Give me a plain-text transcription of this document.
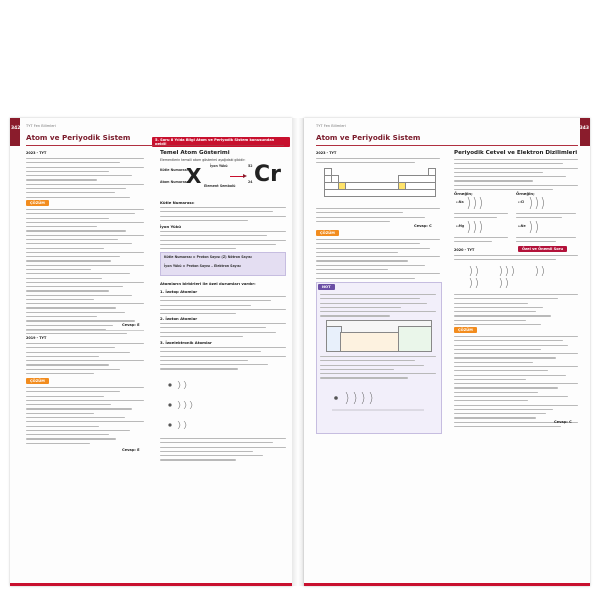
342 TYT Fen Bilimleri
Atom ve Periyodik Sistem	5. Soru 8 Yılda Bilgi Atom ve Periyodik Sistem konusundan geldi!
2023 - TYT
ÇÖZÜM
Cevap: E
2019 - TYT
ÇÖZÜM
Cevap: E
Temel Atom Gösterimi
Elementlerin temsili atom gösterimi aşağıdaki gibidir:
Kütle Numarası
Atom Numarası
X	İyon Yükü
Element Sembolü
52
24 Cr
Kütle Numarası:
İyon Yükü
Kütle Numarası = Proton Sayısı (Z) Nötron Sayısı
İyon Yükü = Proton Sayısı – Elektron Sayısı
Atomların birbirleri ile özel durumları vardır:
1. İzotop Atomlar
2. İzoton Atomlar
3. İzoelektronik Atomlar
343
TYT Fen Bilimleri
Atom ve Periyodik Sistem
2023 - TYT
Cevap: C
ÇÖZÜM
NOT
Periyodik Cetvel ve Elektron Dizilimleri
Örneğin;	Örneğin;
₁₁Na	₁₇Cl
₁₂Mg	₁₀Ne
Özel ve Önemli Soru
2020 - TYT
ÇÖZÜM
Cevap: C
